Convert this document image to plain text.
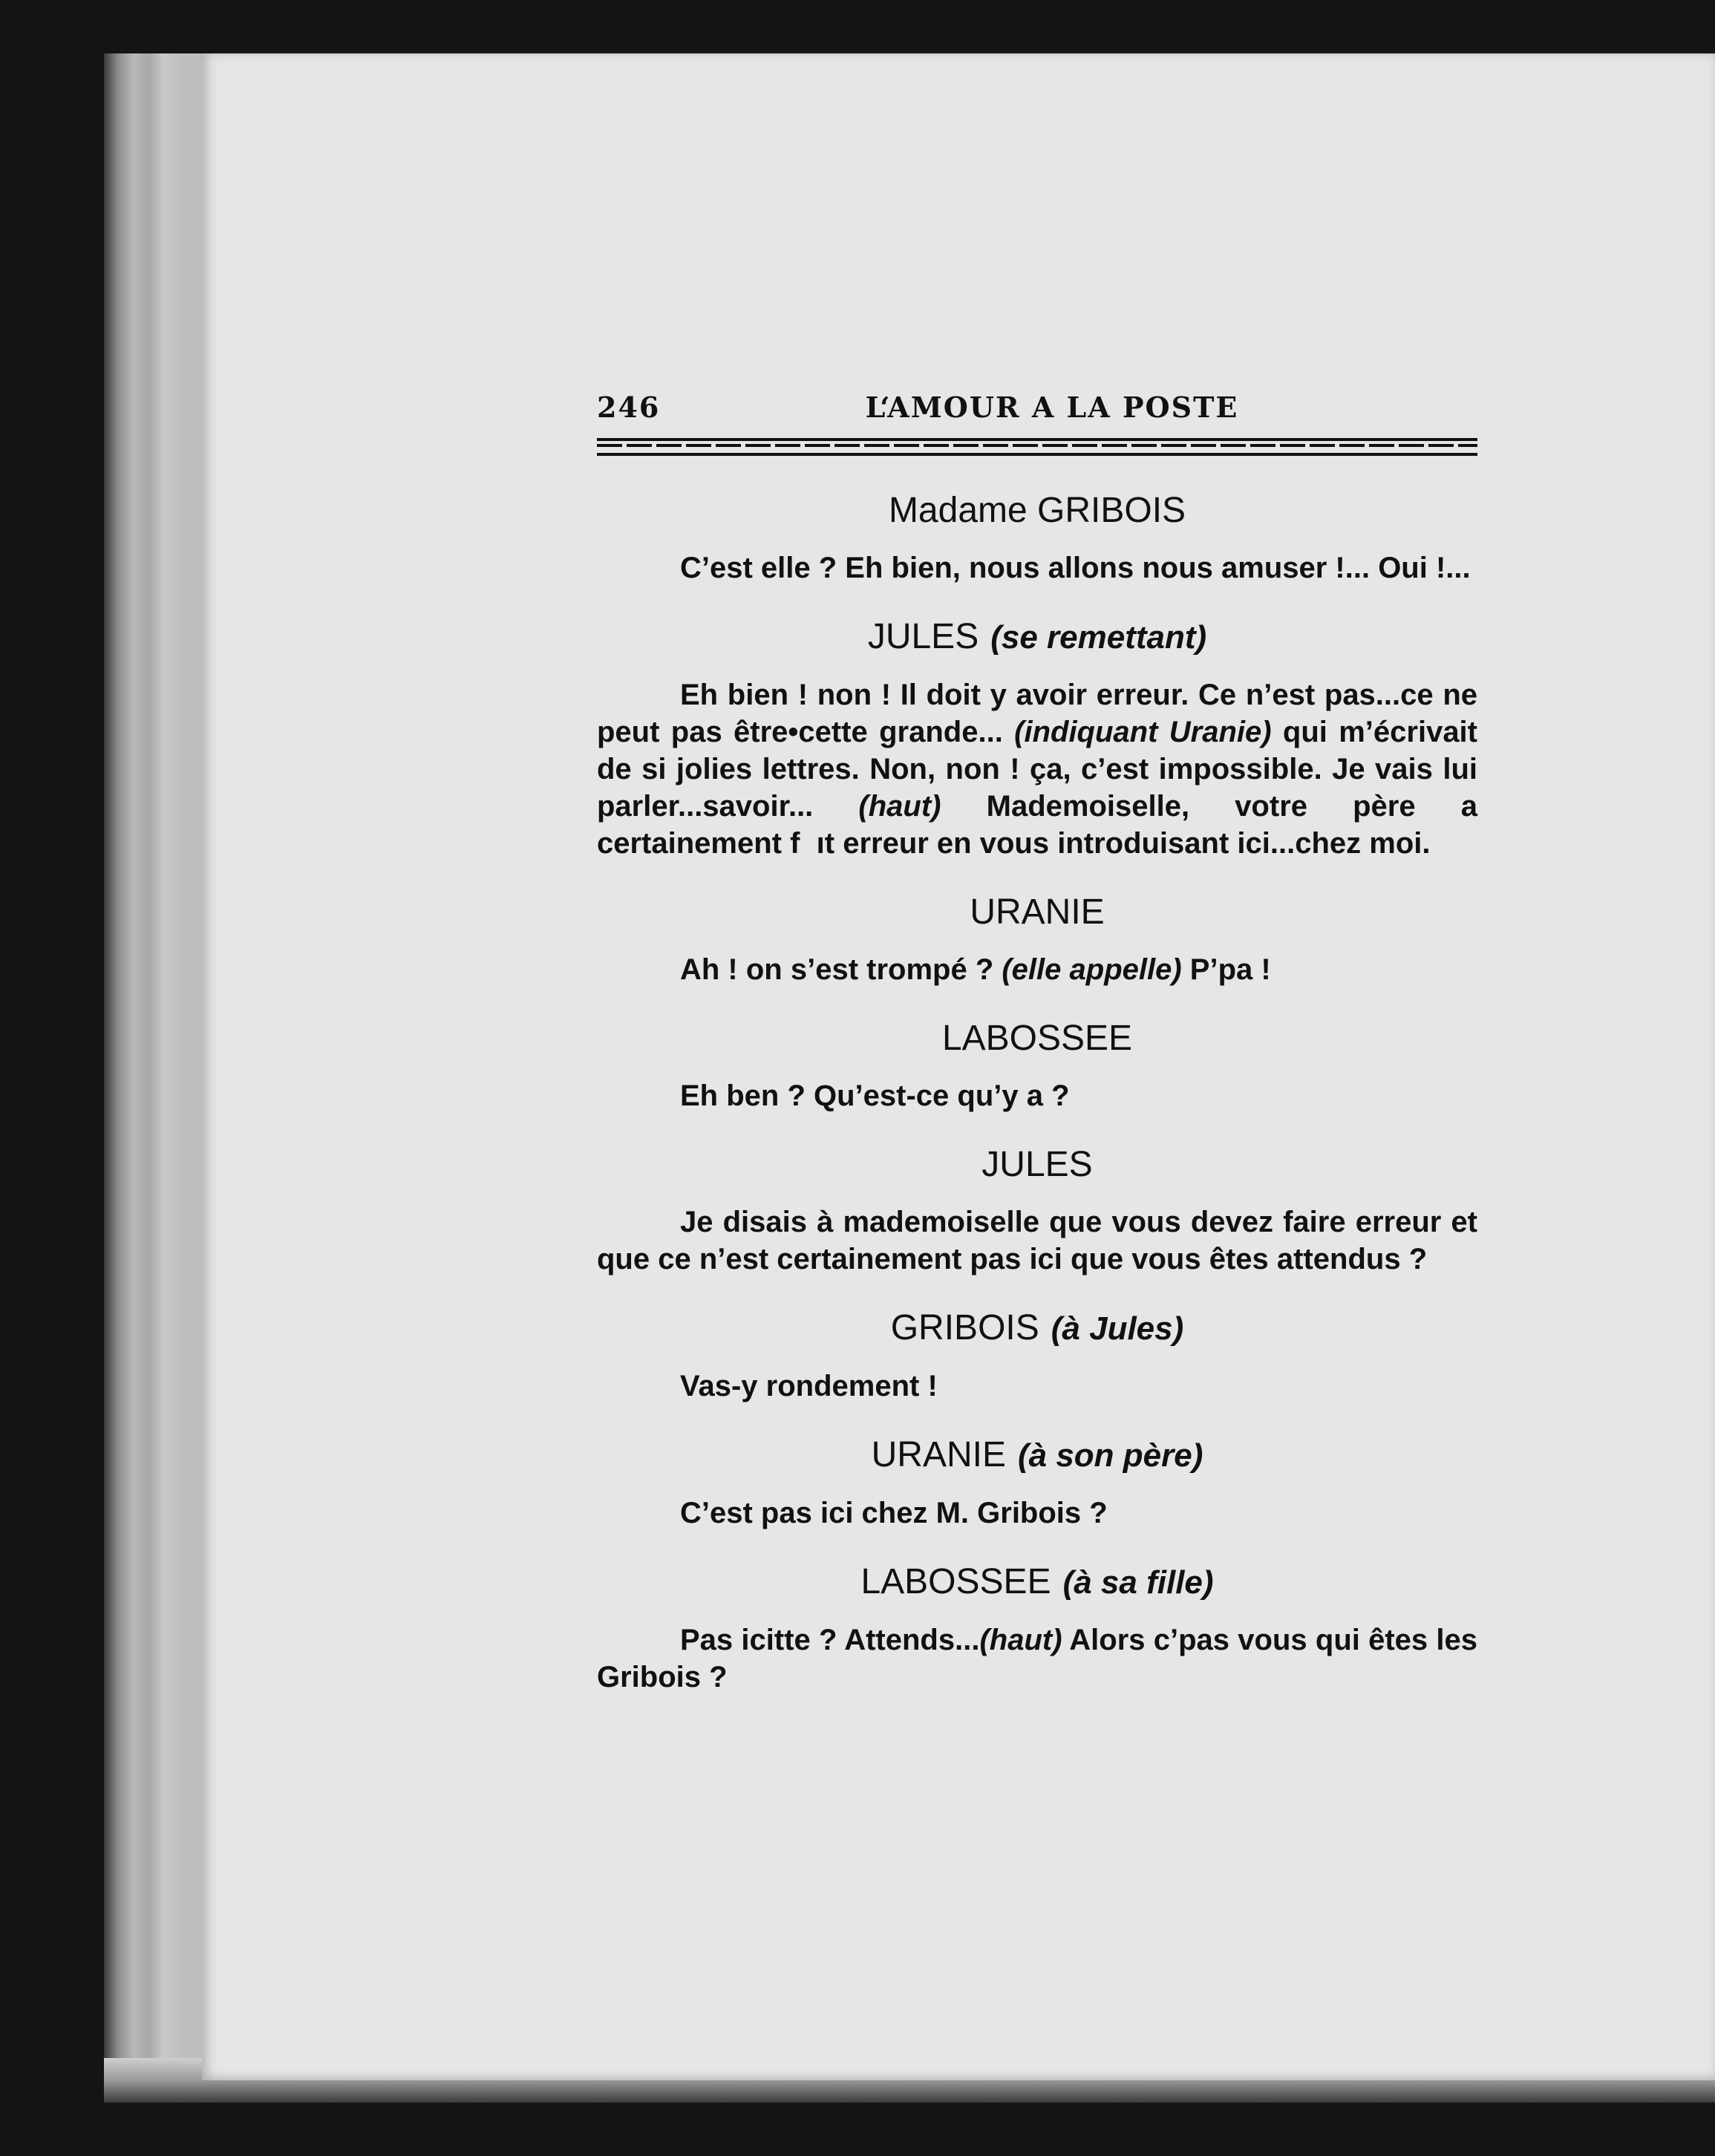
246	L‘AMOUR A LA POSTE
Madame GRIBOIS

C’est elle ? Eh bien, nous allons nous amuser !... Oui !...

JULES (se remettant)

Eh bien ! non ! Il doit y avoir erreur. Ce n’est pas...ce ne peut pas être•cette grande... (indiquant Uranie) qui m’écrivait de si jolies lettres. Non, non ! ça, c’est impossible. Je vais lui parler...savoir... (haut) Mademoiselle, votre père a certainement f  ıt erreur en vous introduisant ici...chez moi.

URANIE

Ah ! on s’est trompé ? (elle appelle) P’pa !

LABOSSEE

Eh ben ? Qu’est-ce qu’y a ?

JULES

Je disais à mademoiselle que vous devez faire erreur et que ce n’est certainement pas ici que vous êtes attendus ?

GRIBOIS (à Jules)

Vas-y rondement !

URANIE (à son père)

C’est pas ici chez M. Gribois ?

LABOSSEE (à sa fille)

Pas icitte ? Attends...(haut) Alors c’pas vous qui êtes les Gribois ?
